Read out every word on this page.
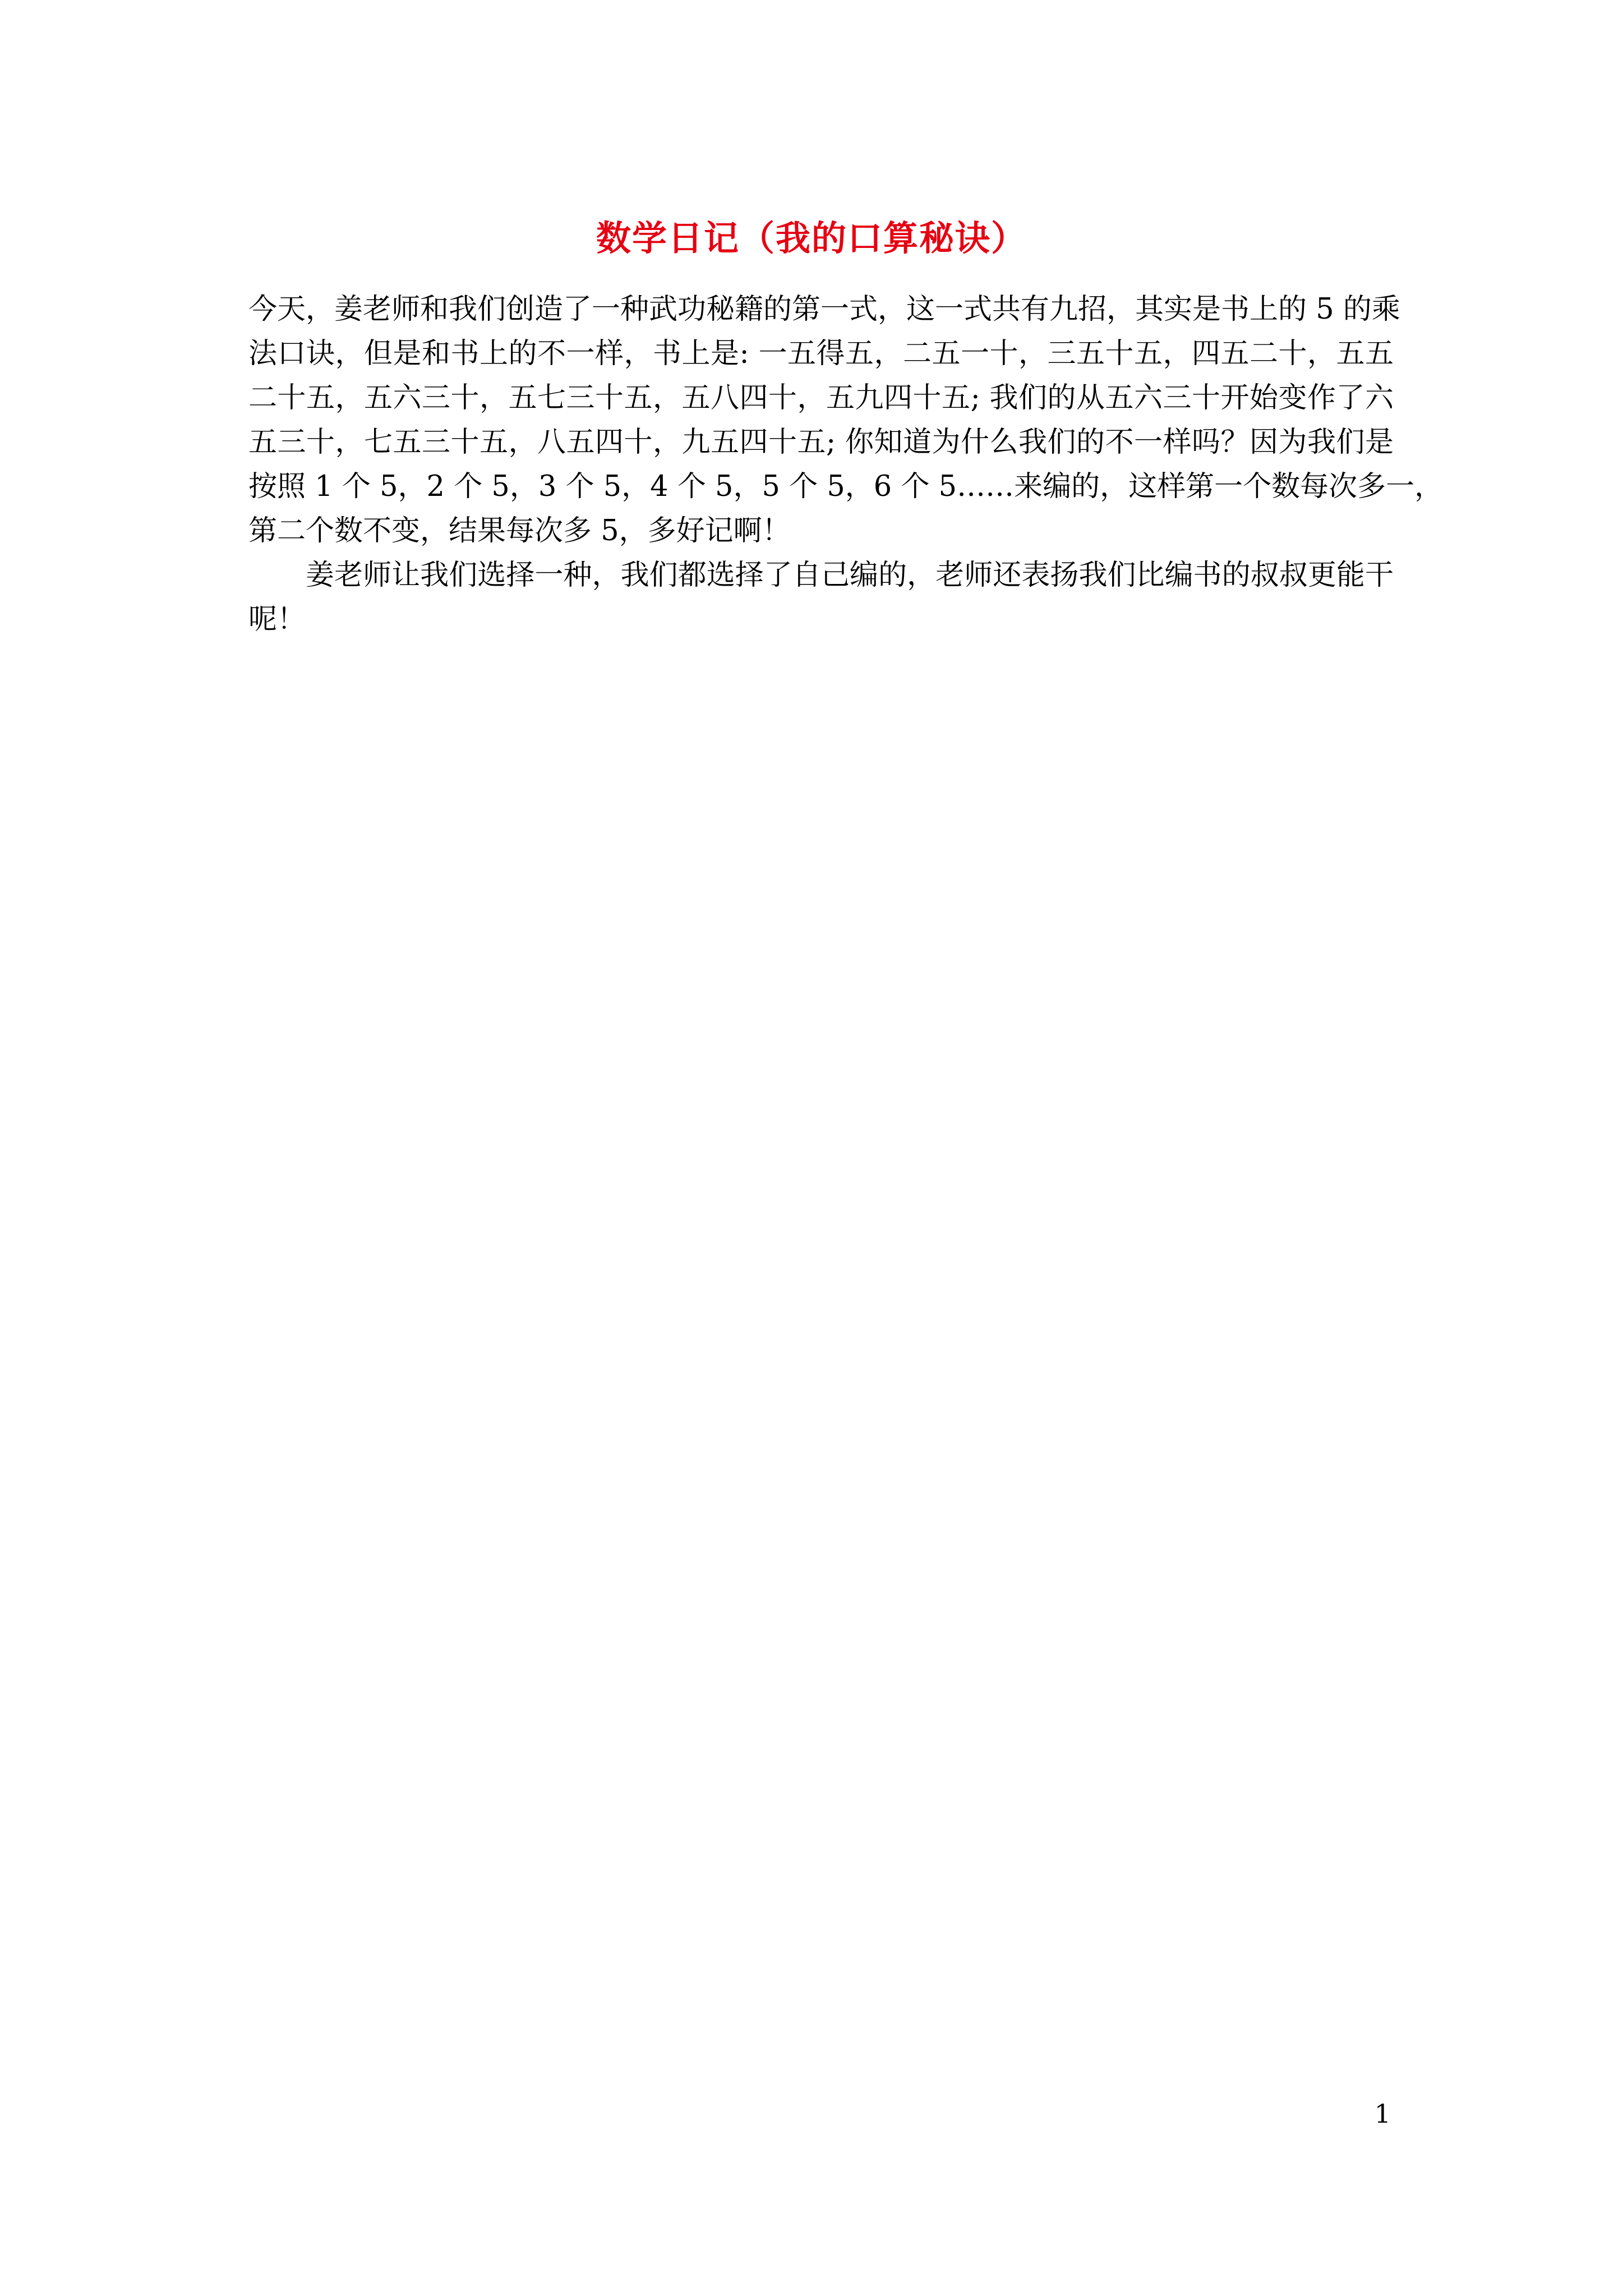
数学日记（我的口算秘诀）
今天，姜老师和我们创造了一种武功秘籍的第一式，这一式共有九招，其实是书上的 5 的乘
法口诀，但是和书上的不一样，书上是: 一五得五，二五一十，三五十五，四五二十，五五
二十五，五六三十，五七三十五，五八四十，五九四十五; 我们的从五六三十开始变作了六
五三十，七五三十五，八五四十，九五四十五; 你知道为什么我们的不一样吗？因为我们是
按照 1 个 5，2 个 5，3 个 5，4 个 5，5 个 5，6 个 5……来编的，这样第一个数每次多一，
第二个数不变，结果每次多 5，多好记啊！
姜老师让我们选择一种，我们都选择了自己编的，老师还表扬我们比编书的叔叔更能干
呢！
1
